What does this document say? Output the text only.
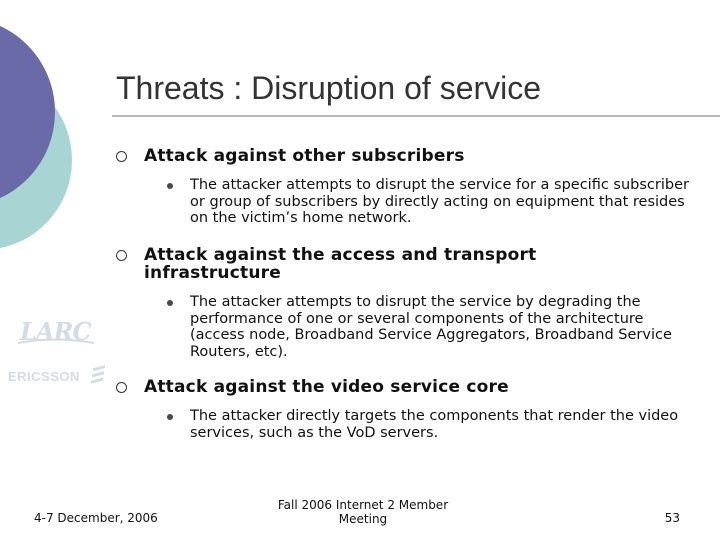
Threats : Disruption of service
Attack against other subscribers
The attacker attempts to disrupt the service for a specific subscriber or group of subscribers by directly acting on equipment that resides on the victim’s home network.
Attack against the access and transport infrastructure
The attacker attempts to disrupt the service by degrading the performance of one or several components of the architecture (access node, Broadband Service Aggregators, Broadband Service Routers, etc).
Attack against the video service core
The attacker directly targets the components that render the video services, such as the VoD servers.
LARC
ERICSSON
4-7 December, 2006
Fall 2006 Internet 2 Member Meeting	53
